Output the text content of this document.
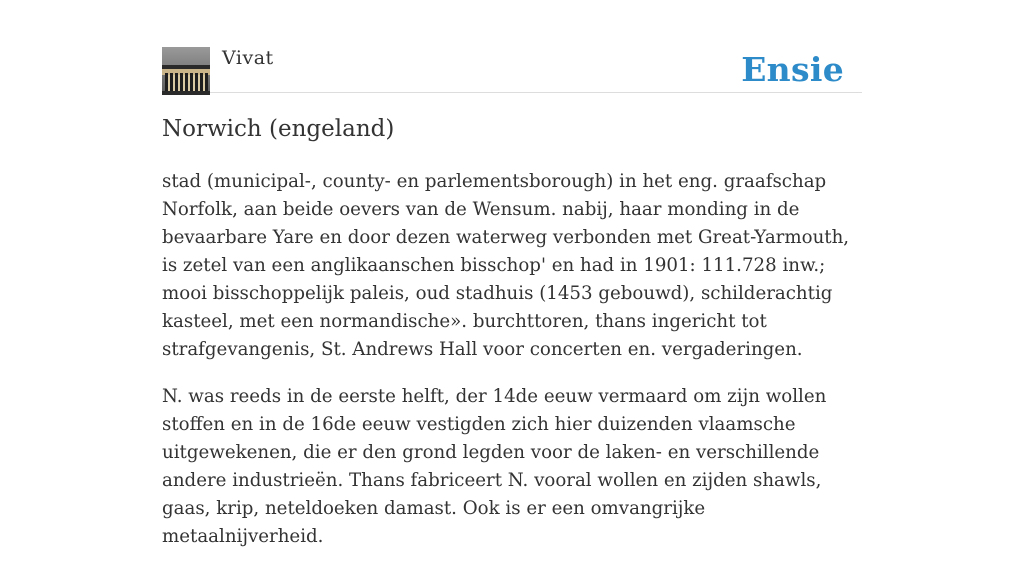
Vivat	Ensie
Norwich (engeland)

stad (municipal-, county- en parlementsborough) in het eng. graafschap Norfolk, aan beide oevers van de Wensum. nabij, haar monding in de bevaarbare Yare en door dezen waterweg verbonden met Great-Yarmouth, is zetel van een anglikaanschen bisschop' en had in 1901: 111.728 inw.; mooi bisschoppelijk paleis, oud stadhuis (1453 gebouwd), schilderachtig kasteel, met een normandische». burchttoren, thans ingericht tot strafgevangenis, St. Andrews Hall voor concerten en. vergaderingen.

N. was reeds in de eerste helft, der 14de eeuw vermaard om zijn wollen stoffen en in de 16de eeuw vestigden zich hier duizenden vlaamsche uitgewekenen, die er den grond legden voor de laken- en verschillende andere industrieën. Thans fabriceert N. vooral wollen en zijden shawls, gaas, krip, neteldoeken damast. Ook is er een omvangrijke metaalnijverheid.
